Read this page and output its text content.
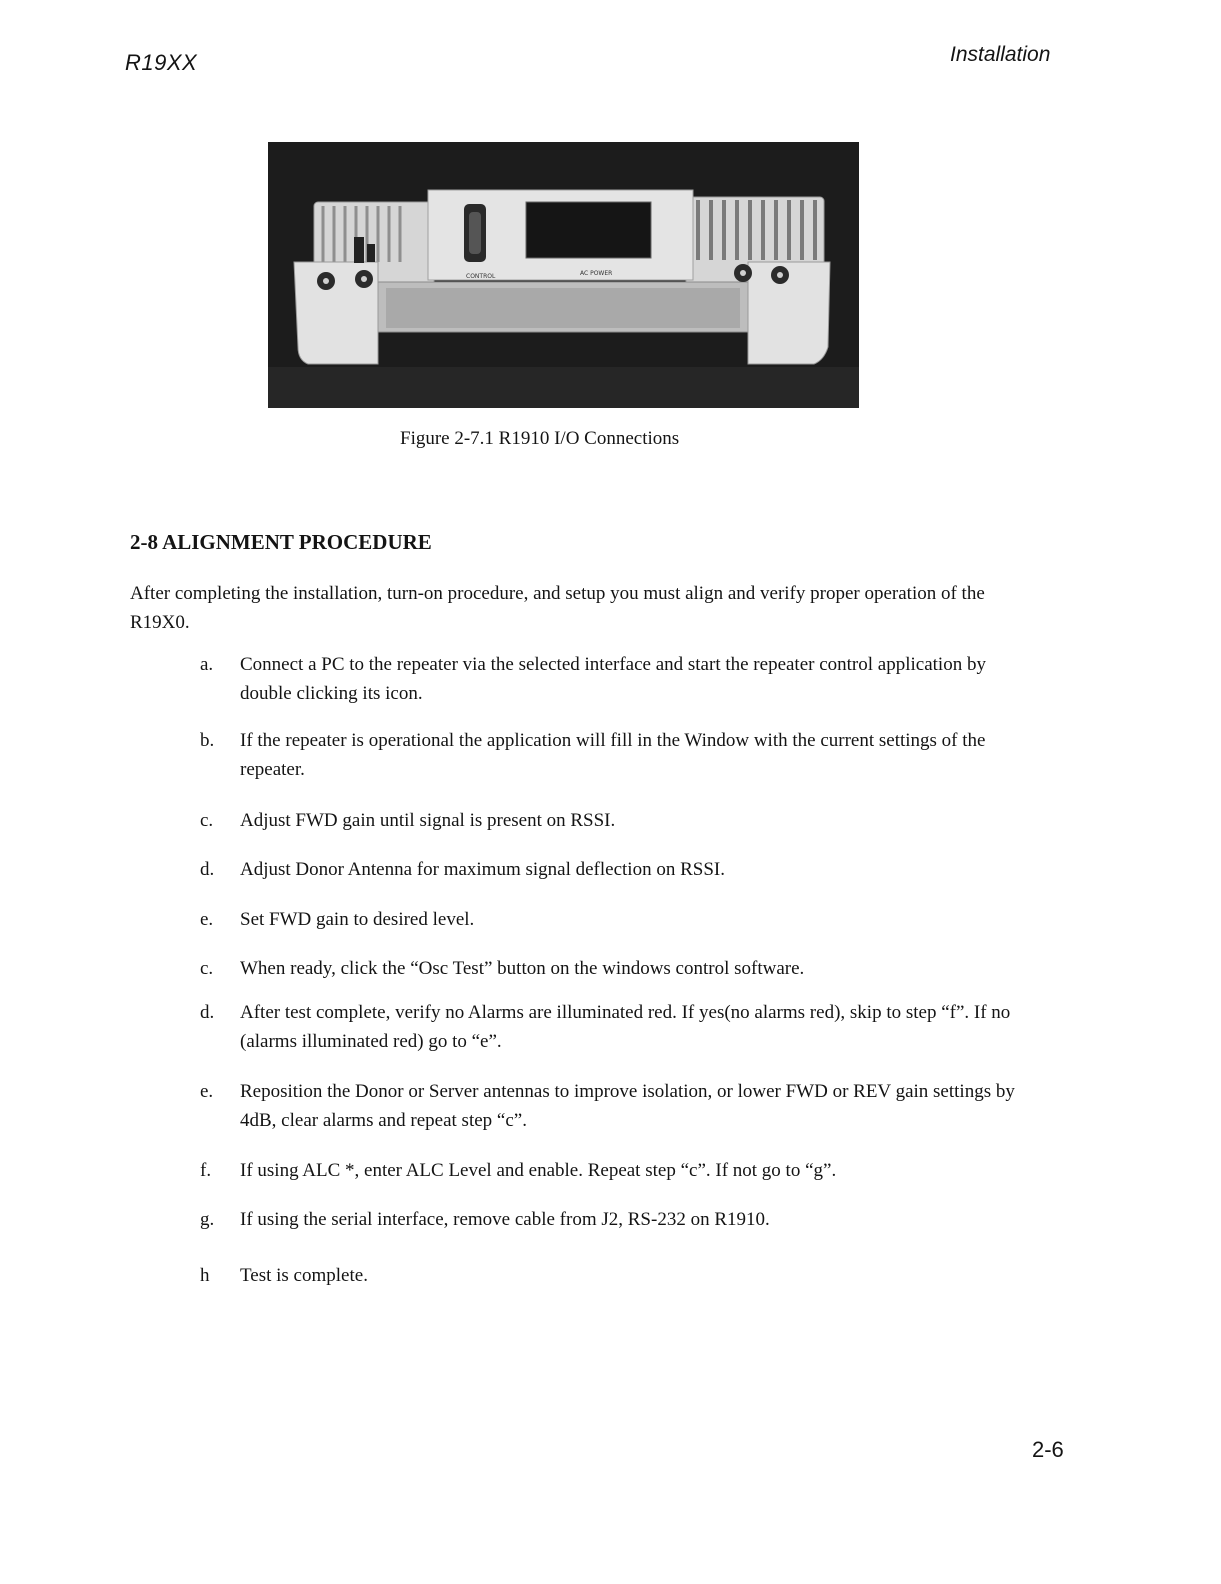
R19XX	Installation
CONTROL	AC POWER
Figure 2-7.1 R1910 I/O Connections
2-8 ALIGNMENT PROCEDURE
After completing the installation, turn-on procedure, and setup you must align and verify proper operation of the R19X0.
a.	Connect a PC to the repeater via the selected interface and start the repeater control application by double clicking its icon.
b.	If the repeater is operational the application will fill in the Window with the current settings of the repeater.
c.	Adjust FWD gain until signal is present on RSSI.
d.	Adjust Donor Antenna for maximum signal deflection on RSSI.
e.	Set FWD gain to desired level.
c.	When ready, click the “Osc Test” button on the windows control software.
d.	After test complete, verify no Alarms are illuminated red. If yes(no alarms red), skip to step “f”. If no (alarms illuminated red) go to “e”.
e.	Reposition the Donor or Server antennas to improve isolation, or lower FWD or REV gain settings by 4dB, clear alarms and repeat step “c”.
f.	If using ALC *, enter ALC Level and enable. Repeat step “c”. If not go to “g”.
g.	If using the serial interface, remove cable from J2, RS-232 on R1910.
h	Test is complete.
2-6
